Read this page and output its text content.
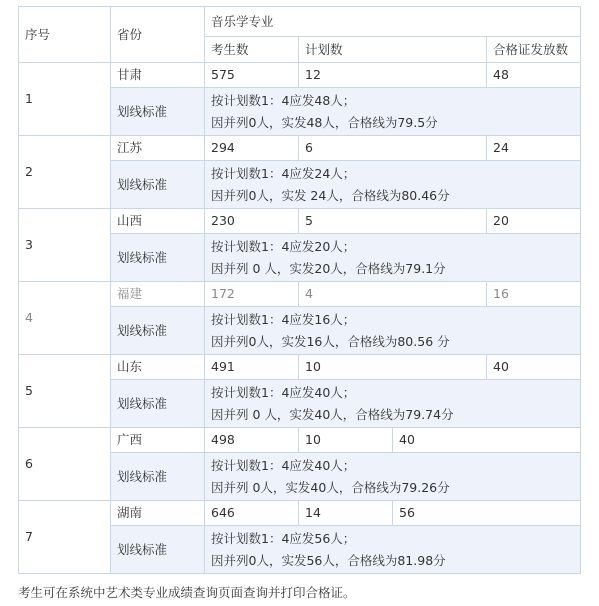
序号	省份	音乐学专业			
		考生数	计划数		合格证发放数
1	甘肃	575	12		48
	划线标准	按计划数1：4应发48人；
因并列0人，实发48人，合格线为79.5分			

2	江苏	294	6		24
	划线标准	按计划数1：4应发24人；
因并列0人，实发 24人，合格线为80.46分			

3	山西	230	5		20
	划线标准	按计划数1：4应发20人；
因并列 0 人，实发20人，合格线为79.1分			

4	福建	172	4		16
	划线标准	按计划数1：4应发16人；
因并列0人，实发16人，合格线为80.56 分			

5	山东	491	10		40
	划线标准	按计划数1：4应发40人；
因并列 0 人，实发40人，合格线为79.74分			

6	广西	498	10	40	
	划线标准	按计划数1：4应发40人；
因并列 0人，实发40人，合格线为79.26分			

7	湖南	646	14	56	
	划线标准	按计划数1：4应发56人；
因并列0人，实发56人，合格线为81.98分			
考生可在系统中艺术类专业成绩查询页面查询并打印合格证。
